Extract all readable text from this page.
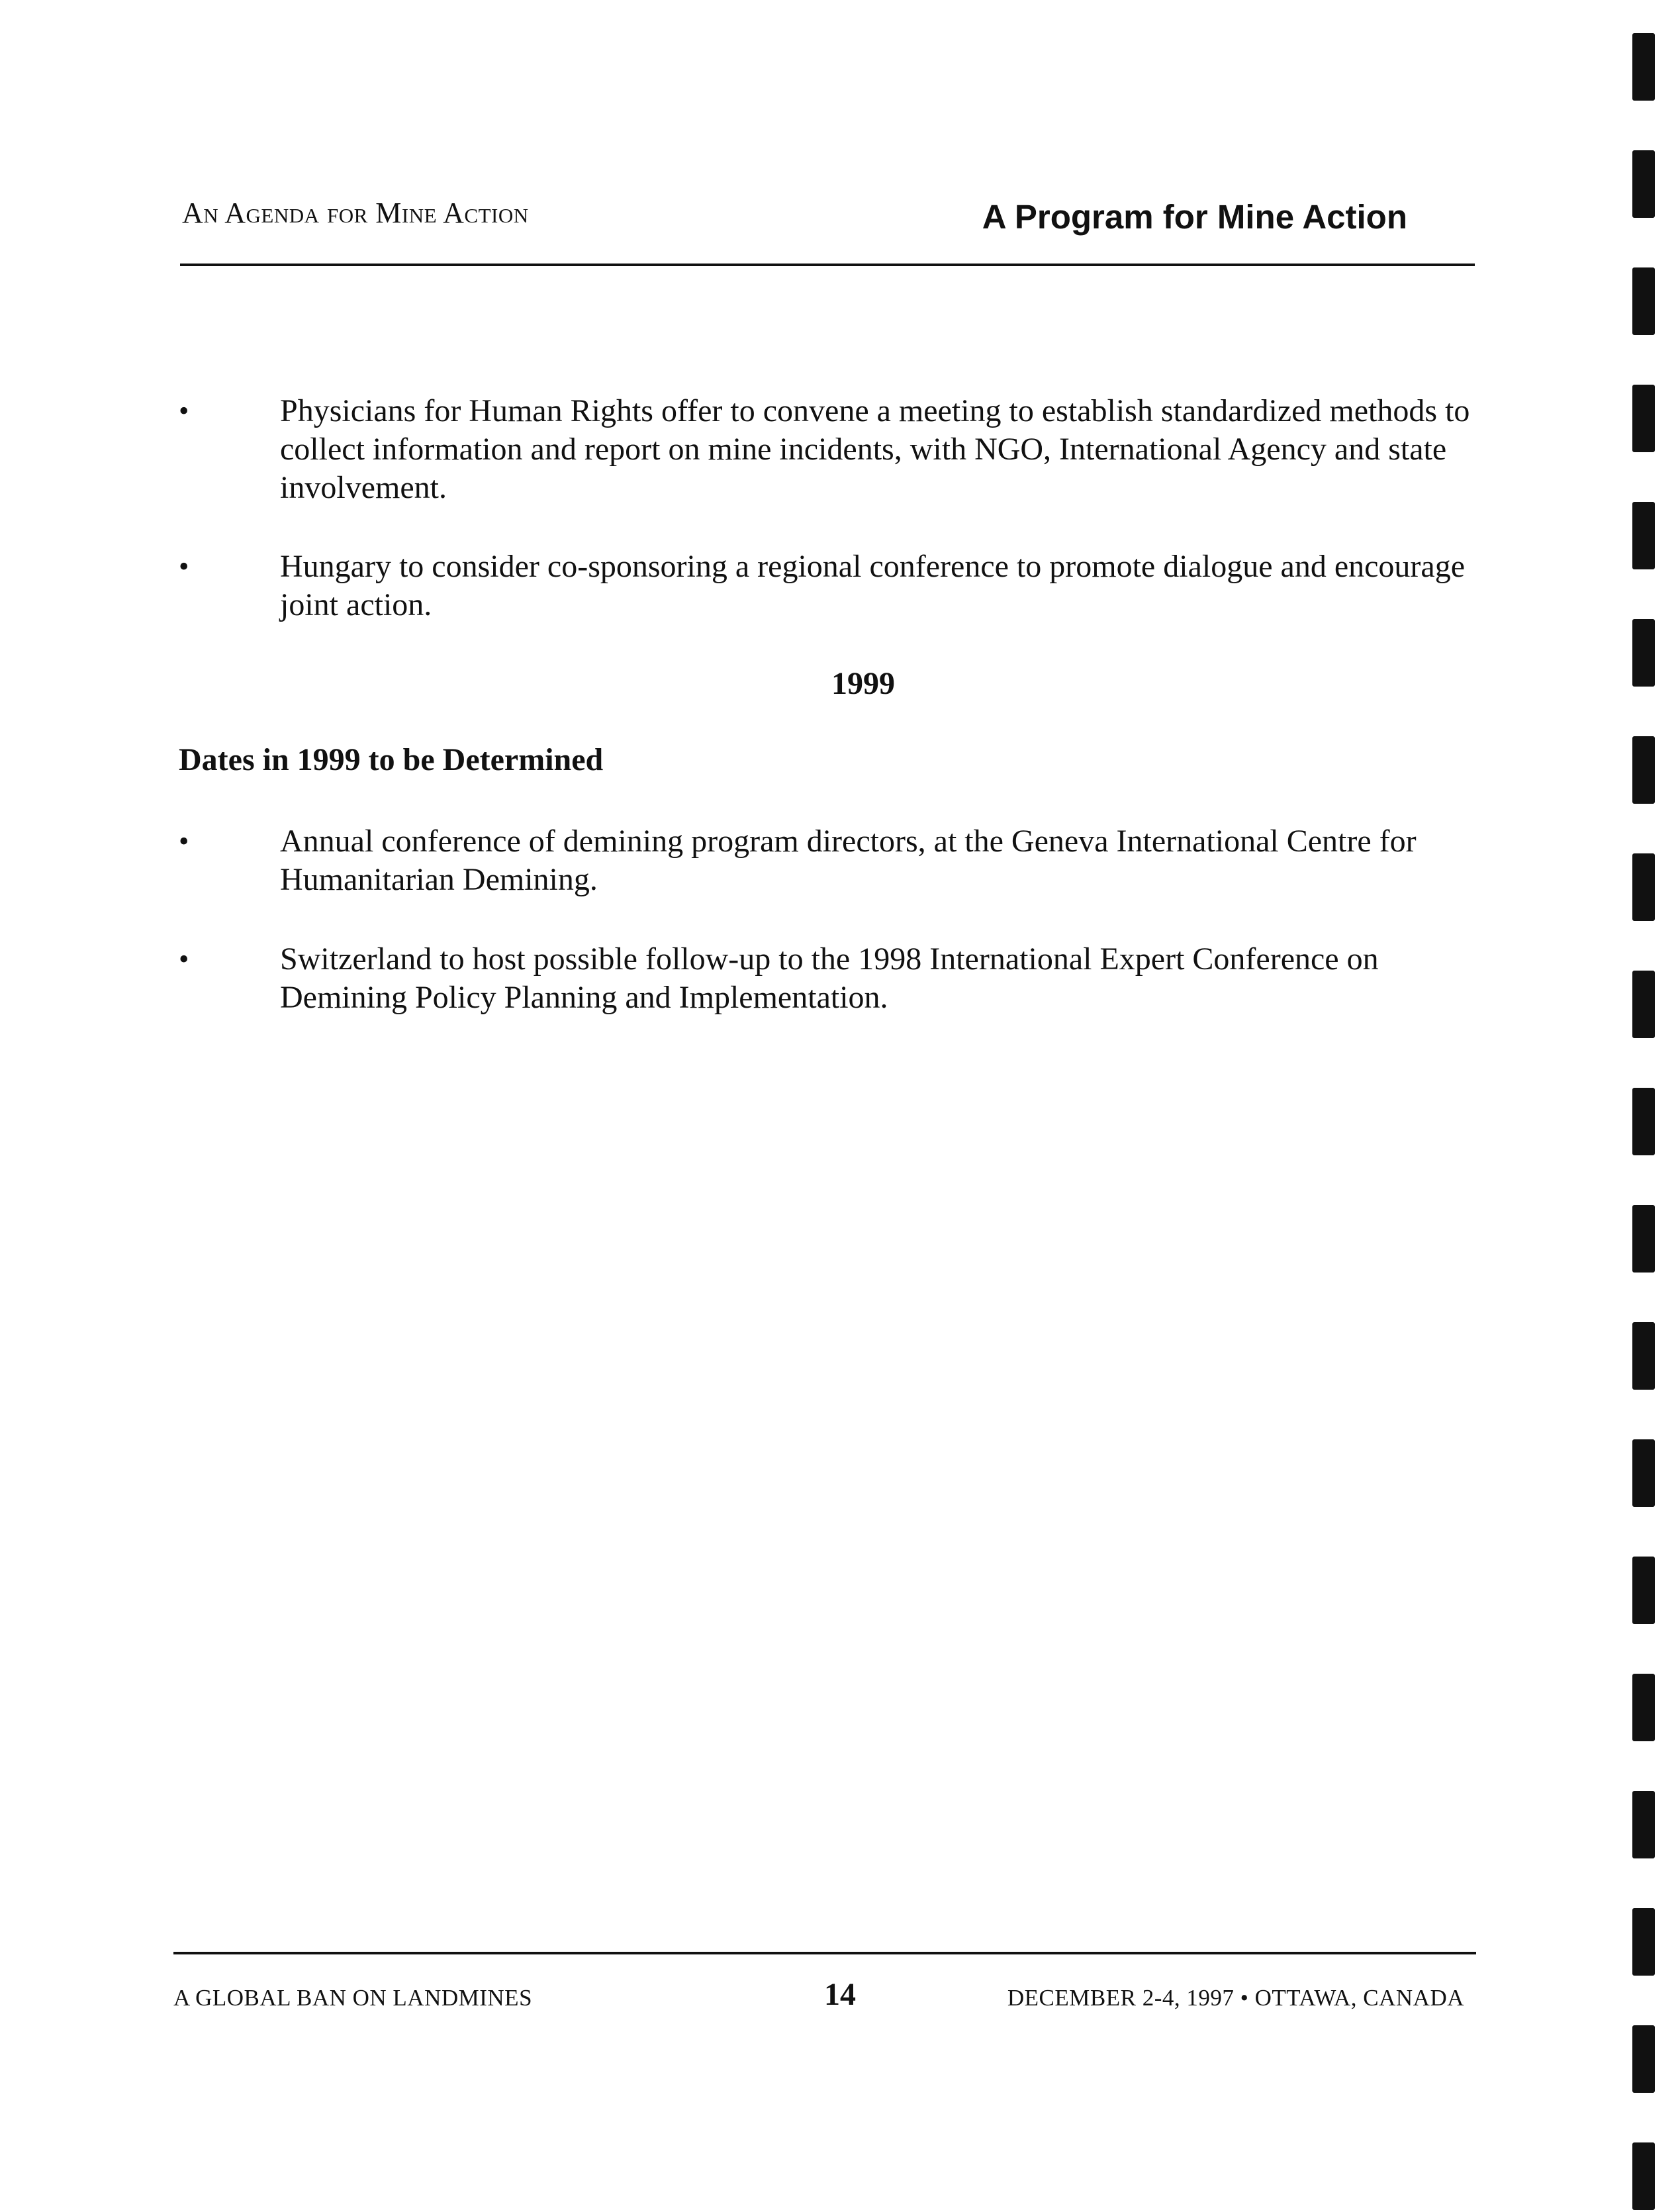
An Agenda for Mine Action	A Program for Mine Action
•	Physicians for Human Rights offer to convene a meeting to establish standardized methods to collect information and report on mine incidents, with NGO, International Agency and state involvement.
•	Hungary to consider co-sponsoring a regional conference to promote dialogue and encourage joint action.
1999
Dates in 1999 to be Determined
•	Annual conference of demining program directors, at the Geneva International Centre for Humanitarian Demining.
•	Switzerland to host possible follow-up to the 1998 International Expert Conference on Demining Policy Planning and Implementation.
A GLOBAL BAN ON LANDMINES	14	DECEMBER 2-4, 1997 • OTTAWA, CANADA
